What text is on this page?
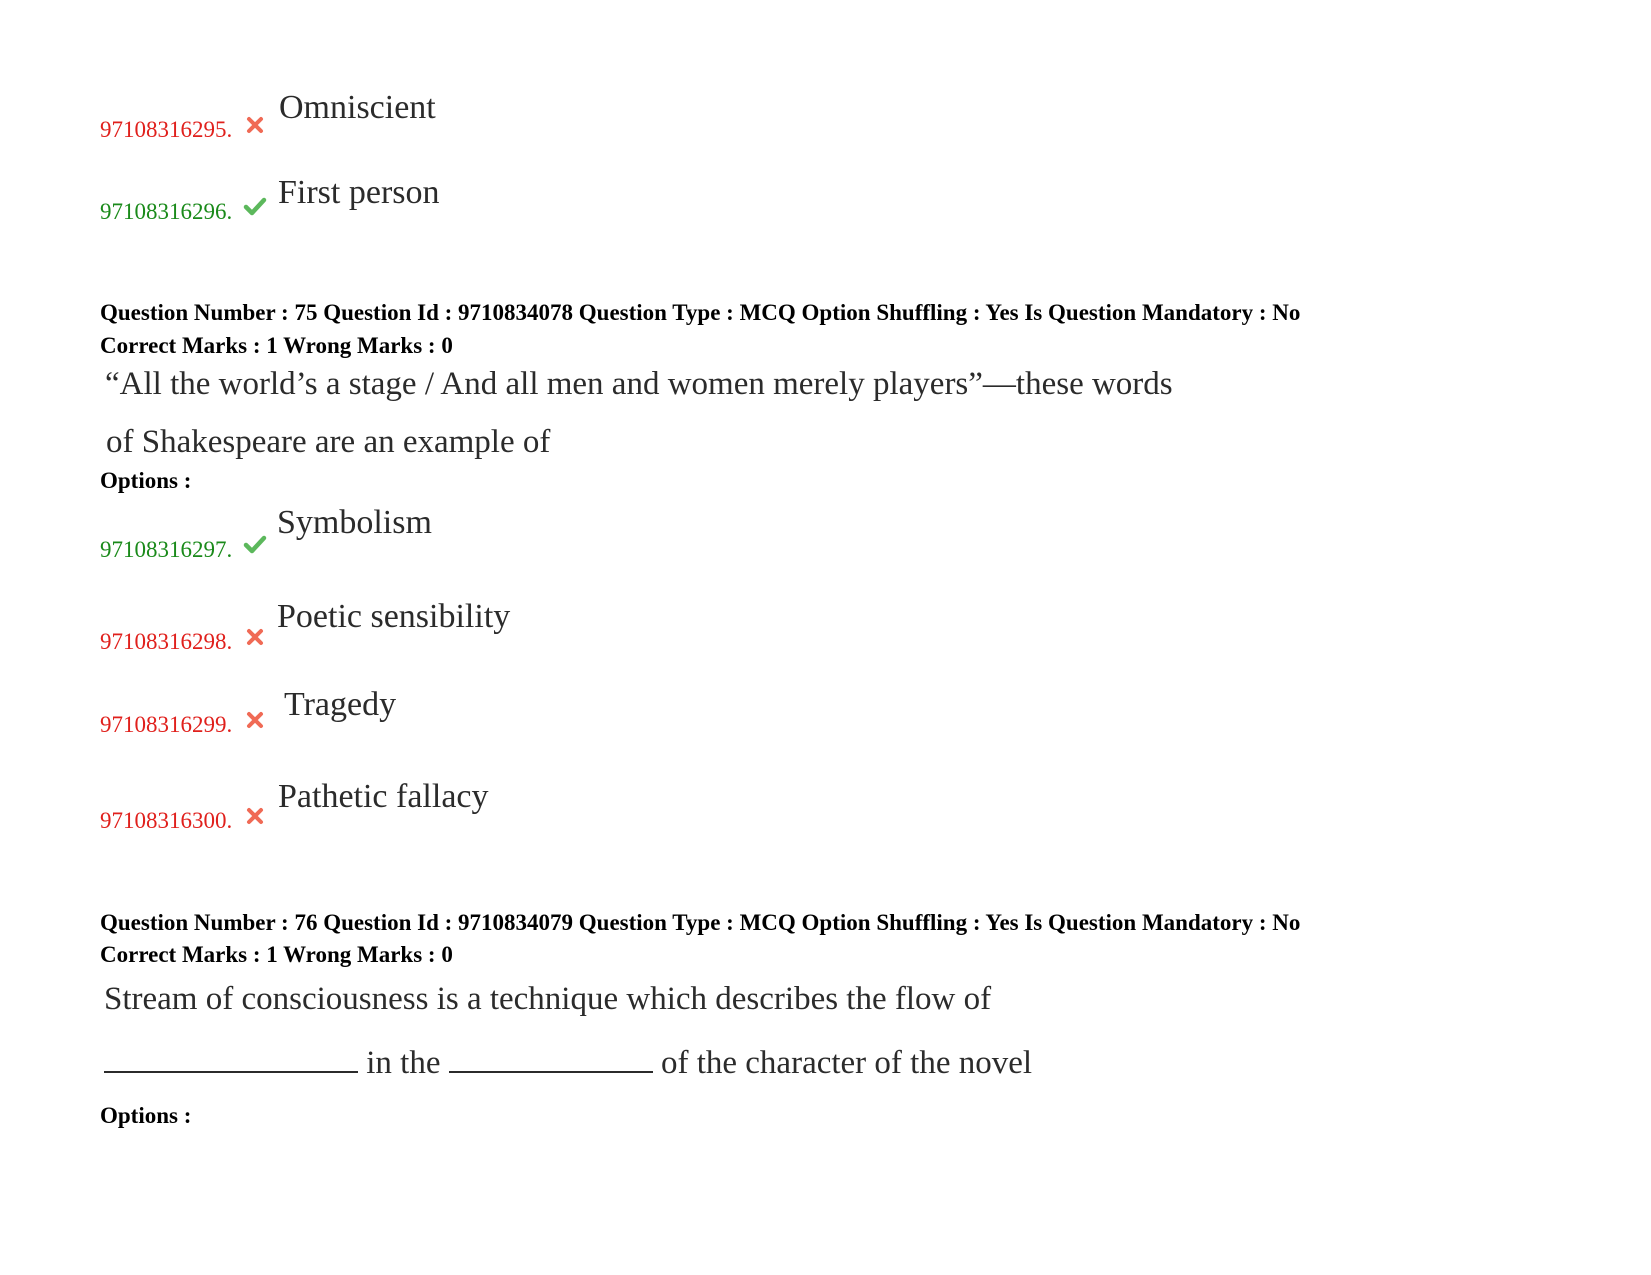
97108316295.
Omniscient
97108316296.
First person
Question Number : 75 Question Id : 9710834078 Question Type : MCQ Option Shuffling : Yes Is Question Mandatory : No
Correct Marks : 1 Wrong Marks : 0
“All the world’s a stage / And all men and women merely players”—these words
of Shakespeare are an example of
Options :
97108316297.
Symbolism
97108316298.
Poetic sensibility
97108316299.
Tragedy
97108316300.
Pathetic fallacy
Question Number : 76 Question Id : 9710834079 Question Type : MCQ Option Shuffling : Yes Is Question Mandatory : No
Correct Marks : 1 Wrong Marks : 0
Stream of consciousness is a technique which describes the flow of
in the	of the character of the novel
Options :
